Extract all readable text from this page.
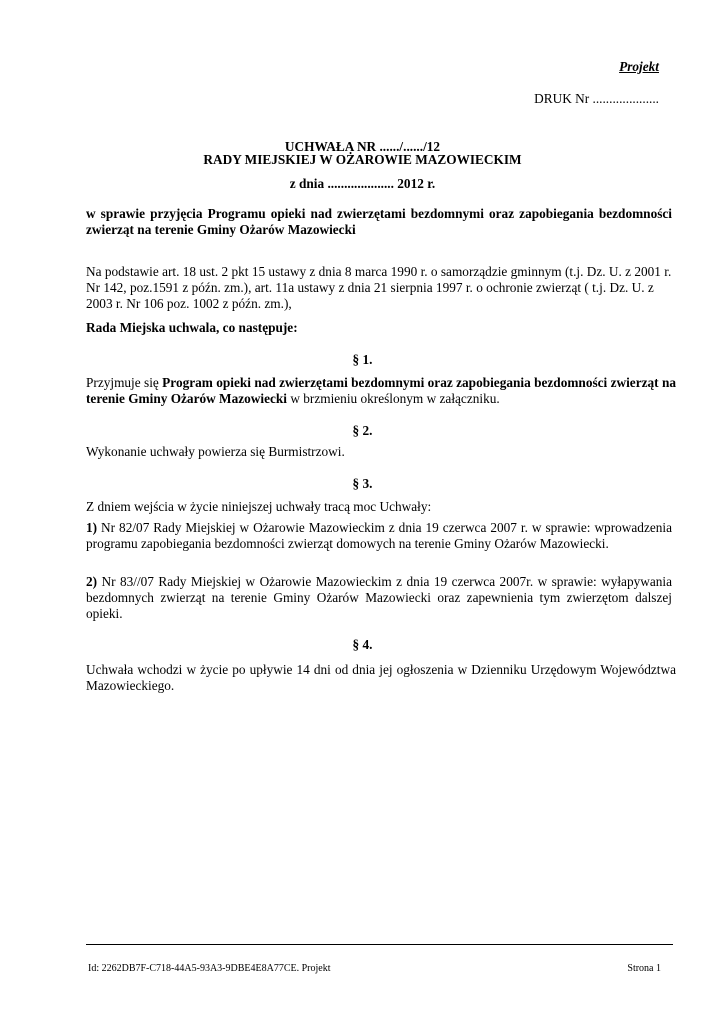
Projekt

DRUK Nr ....................

UCHWAŁA NR ....../....../12

RADY MIEJSKIEJ W OŻAROWIE MAZOWIECKIM

z dnia .................... 2012 r.

w sprawie przyjęcia Programu opieki nad zwierzętami bezdomnymi oraz zapobiegania bezdomności zwierząt na terenie Gminy Ożarów Mazowiecki

Na podstawie art. 18 ust. 2 pkt 15 ustawy z dnia 8 marca 1990 r. o samorządzie gminnym (t.j. Dz. U. z 2001 r. Nr 142, poz.1591 z późn. zm.), art. 11a ustawy z dnia 21 sierpnia 1997 r. o ochronie zwierząt ( t.j. Dz. U. z 2003 r. Nr 106 poz. 1002 z późn. zm.),

Rada Miejska uchwala, co następuje:

§ 1.

Przyjmuje się Program opieki nad zwierzętami bezdomnymi oraz zapobiegania bezdomności zwierząt na terenie Gminy Ożarów Mazowiecki w brzmieniu określonym w załączniku.

§ 2.

Wykonanie uchwały powierza się Burmistrzowi.

§ 3.

Z dniem wejścia w życie niniejszej uchwały tracą moc Uchwały:

1) Nr 82/07 Rady Miejskiej w Ożarowie Mazowieckim z dnia 19 czerwca 2007 r. w sprawie: wprowadzenia programu zapobiegania bezdomności zwierząt domowych na terenie Gminy Ożarów Mazowiecki.

2) Nr 83//07 Rady Miejskiej w Ożarowie Mazowieckim z dnia 19 czerwca 2007r. w sprawie: wyłapywania bezdomnych zwierząt na terenie Gminy Ożarów Mazowiecki oraz zapewnienia tym zwierzętom dalszej opieki.

§ 4.

Uchwała wchodzi w życie po upływie 14 dni od dnia jej ogłoszenia w Dzienniku Urzędowym Województwa Mazowieckiego.

Id: 2262DB7F-C718-44A5-93A3-9DBE4E8A77CE. Projekt	Strona 1
